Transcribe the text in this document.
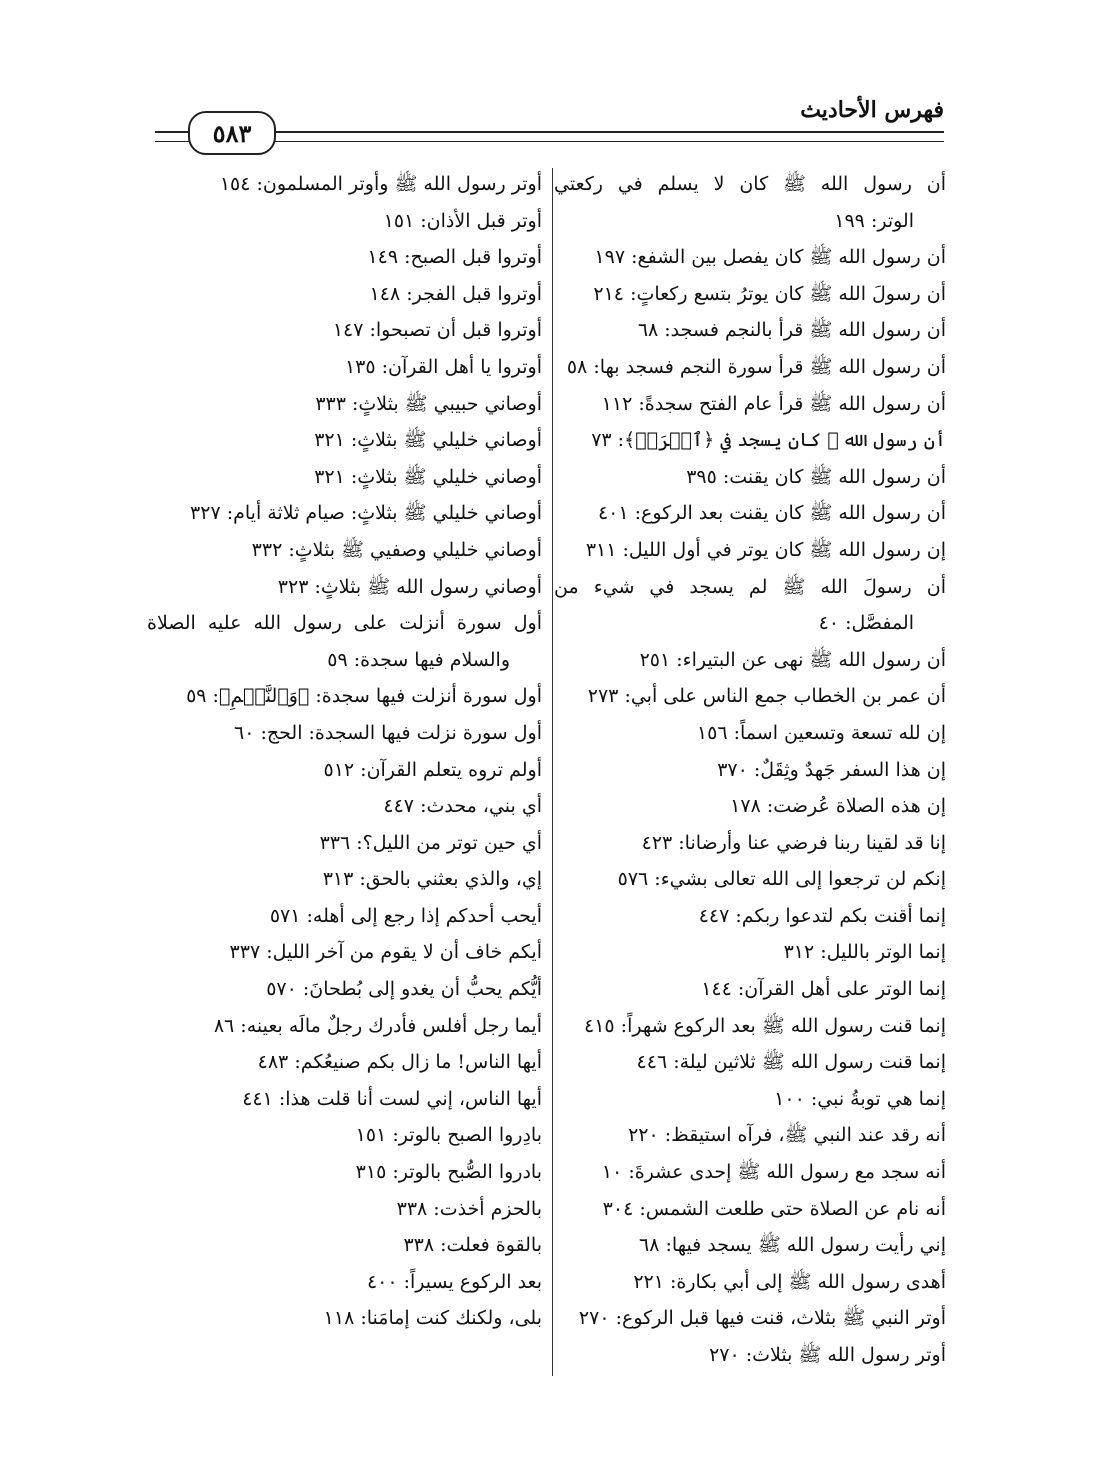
فهرس الأحاديث
٥٨٣
أن رسول الله ﷺ كان لا يسلم في ركعتي
الوتر: ١٩٩
أن رسول الله ﷺ كان يفصل بين الشفع: ١٩٧
أن رسولَ الله ﷺ كان يوترُ بتسع ركعاتٍ: ٢١٤
أن رسول الله ﷺ قرأ بالنجم فسجد: ٦٨
أن رسول الله ﷺ قرأ سورة النجم فسجد بها: ٥٨
أن رسول الله ﷺ قرأ عام الفتح سجدةً: ١١٢
أن رسول الله ﷺ كان يسجد في ﴿ٱقۡرَأۡ﴾: ٧٣
أن رسول الله ﷺ كان يقنت: ٣٩٥
أن رسول الله ﷺ كان يقنت بعد الركوع: ٤٠١
إن رسول الله ﷺ كان يوتر في أول الليل: ٣١١
أن رسولَ الله ﷺ لم يسجد في شيء من
المفصَّل: ٤٠
أن رسول الله ﷺ نهى عن البتيراء: ٢٥١
أن عمر بن الخطاب جمع الناس على أبي: ٢٧٣
إن لله تسعة وتسعين اسماً: ١٥٦
إن هذا السفر جَهدٌ وثِقَلٌ: ٣٧٠
إن هذه الصلاة عُرضت: ١٧٨
إنا قد لقينا ربنا فرضي عنا وأرضانا: ٤٢٣
إنكم لن ترجعوا إلى الله تعالى بشيء: ٥٧٦
إنما أقنت بكم لتدعوا ربكم: ٤٤٧
إنما الوتر بالليل: ٣١٢
إنما الوتر على أهل القرآن: ١٤٤
إنما قنت رسول الله ﷺ بعد الركوع شهراً: ٤١٥
إنما قنت رسول الله ﷺ ثلاثين ليلة: ٤٤٦
إنما هي توبةُ نبي: ١٠٠
أنه رقد عند النبي ﷺ، فرآه استيقظ: ٢٢٠
أنه سجد مع رسول الله ﷺ إحدى عشرةَ: ١٠
أنه نام عن الصلاة حتى طلعت الشمس: ٣٠٤
إني رأيت رسول الله ﷺ يسجد فيها: ٦٨
أهدى رسول الله ﷺ إلى أبي بكارة: ٢٢١
أوتر النبي ﷺ بثلاث، قنت فيها قبل الركوع: ٢٧٠
أوتر رسول الله ﷺ بثلاث: ٢٧٠
أوتر رسول الله ﷺ وأوتر المسلمون: ١٥٤
أوتر قبل الأذان: ١٥١
أوتروا قبل الصبح: ١٤٩
أوتروا قبل الفجر: ١٤٨
أوتروا قبل أن تصبحوا: ١٤٧
أوتروا يا أهل القرآن: ١٣٥
أوصاني حبيبي ﷺ بثلاثٍ: ٣٣٣
أوصاني خليلي ﷺ بثلاثٍ: ٣٢١
أوصاني خليلي ﷺ بثلاثٍ: ٣٢١
أوصاني خليلي ﷺ بثلاثٍ: صيام ثلاثة أيام: ٣٢٧
أوصاني خليلي وصفيي ﷺ بثلاثٍ: ٣٣٢
أوصاني رسول الله ﷺ بثلاثٍ: ٣٢٣
أول سورة أنزلت على رسول الله عليه الصلاة
والسلام فيها سجدة: ٥٩
أول سورة أنزلت فيها سجدة: ﴿وَٱلنَّجۡمِ﴾: ٥٩
أول سورة نزلت فيها السجدة: الحج: ٦٠
أولم تروه يتعلم القرآن: ٥١٢
أي بني، محدث: ٤٤٧
أي حين توتر من الليل؟: ٣٣٦
إي، والذي بعثني بالحق: ٣١٣
أيحب أحدكم إذا رجع إلى أهله: ٥٧١
أيكم خاف أن لا يقوم من آخر الليل: ٣٣٧
أيُّكم يحبُّ أن يغدو إلى بُطحانَ: ٥٧٠
أيما رجل أفلس فأدرك رجلٌ مالَه بعينه: ٨٦
أيها الناس! ما زال بكم صنيعُكم: ٤٨٣
أيها الناس، إني لست أنا قلت هذا: ٤٤١
بادِروا الصبح بالوتر: ١٥١
بادروا الصُّبح بالوتر: ٣١٥
بالحزم أخذت: ٣٣٨
بالقوة فعلت: ٣٣٨
بعد الركوع يسيراً: ٤٠٠
بلى، ولكنك كنت إمامَنا: ١١٨
